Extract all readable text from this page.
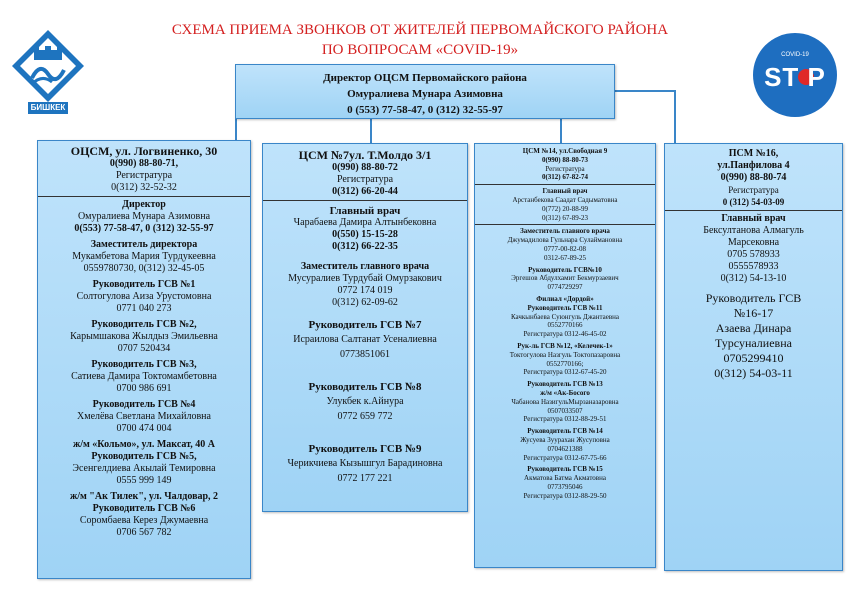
СХЕМА ПРИЕМА ЗВОНКОВ ОТ ЖИТЕЛЕЙ ПЕРВОМАЙСКОГО РАЙОНА
ПО ВОПРОСАМ «COVID-19»
БИШКЕК
COVID-19
ST P
Директор ОЦСМ Первомайского района
Омуралиева Мунара Азимовна
0 (553) 77-58-47, 0 (312) 32-55-97
ОЦСМ, ул. Логвиненко, 30
0(990) 88-80-71,
Регистратура
0(312) 32-52-32
Директор
Омуралиева Мунара Азимовна
0(553) 77-58-47, 0 (312) 32-55-97
Заместитель директора
Мукамбетова Мария Турдукеевна
0559780730, 0(312) 32-45-05
Руководитель ГСВ №1
Солтогулова Аиза Урустомовна
0771 040 273
Руководитель ГСВ №2,
Карымшакова Жылдыз Эмильевна
0707 520434
Руководитель ГСВ №3,
Сатиева Дамира Токтомамбетовна
0700 986 691
Руководитель ГСВ №4
Хмелёва Светлана Михайловна
0700 474 004
ж/м «Кольмо», ул. Максат, 40 А
Руководитель ГСВ №5,
Эсенгелдиева Акылай Темировна
0555 999 149
ж/м "Ак Тилек", ул. Чалдовар, 2
Руководитель ГСВ №6
Соромбаева Керез Джумаевна
0706 567 782
ЦСМ №7ул. Т.Молдо 3/1
0(990) 88-80-72
Регистратура
0(312) 66-20-44
Главный врач
Чарабаева Дамира Алтынбековна
0(550) 15-15-28
0(312) 66-22-35
Заместитель главного врача
Мусуралиев Турдубай Омурзакович
0772 174 019
0(312) 62-09-62
Руководитель ГСВ №7
Исраилова Салтанат Усеналиевна
0773851061
Руководитель ГСВ №8
Улукбек к.Айнура
0772 659 772
Руководитель ГСВ №9
Черикчиева Кызышгул Барадиновна
0772 177 221
ЦСМ №14, ул.Свободная 9
0(990) 88-80-73
Регистратура
0(312) 67-82-74
Главный врач
Арстанбекова Саадат Садыматовна
0(772) 20-88-99
0(312) 67-89-23
Заместитель главного врача
Джумадилова Гульнара Сулаймановна
0777-00-82-08
0312-67-89-25
Руководитель ГСВ№10
Эргешов Абдулхамит Бекмурзаевич
0774729297
Филиал «Дордой»
Руководитель ГСВ №11
Качкынбаева Суюнгуль Джантаевна
0552770166
Регистратура 0312-46-45-02
Рук-ль ГСВ №12, «Келечек-1»
Токтогулова Назгуль Токтопазаровна
0552770166;
Регистратура 0312-67-45-20
Руководитель ГСВ №13
ж/м «Ак-Босого
Чабанова НазигульМырзаназаровна
0507033507
Регистратура 0312-88-29-51
Руководитель ГСВ №14
Жусуева Зуурахан Жусуповна
0704621388
Регистратура 0312-67-75-66
Руководитель ГСВ №15
Акматова Батма Акматовна
0773795046
Регистратура 0312-88-29-50
ПСМ №16,
ул.Панфилова 4
0(990) 88-80-74
Регистратура
0 (312) 54-03-09
Главный врач
Бексултанова Алмагуль
Марсековна
0705 578933
0555578933
0(312) 54-13-10
Руководитель ГСВ
№16-17
Азаева Динара
Турсуналиевна
0705299410
0(312) 54-03-11
